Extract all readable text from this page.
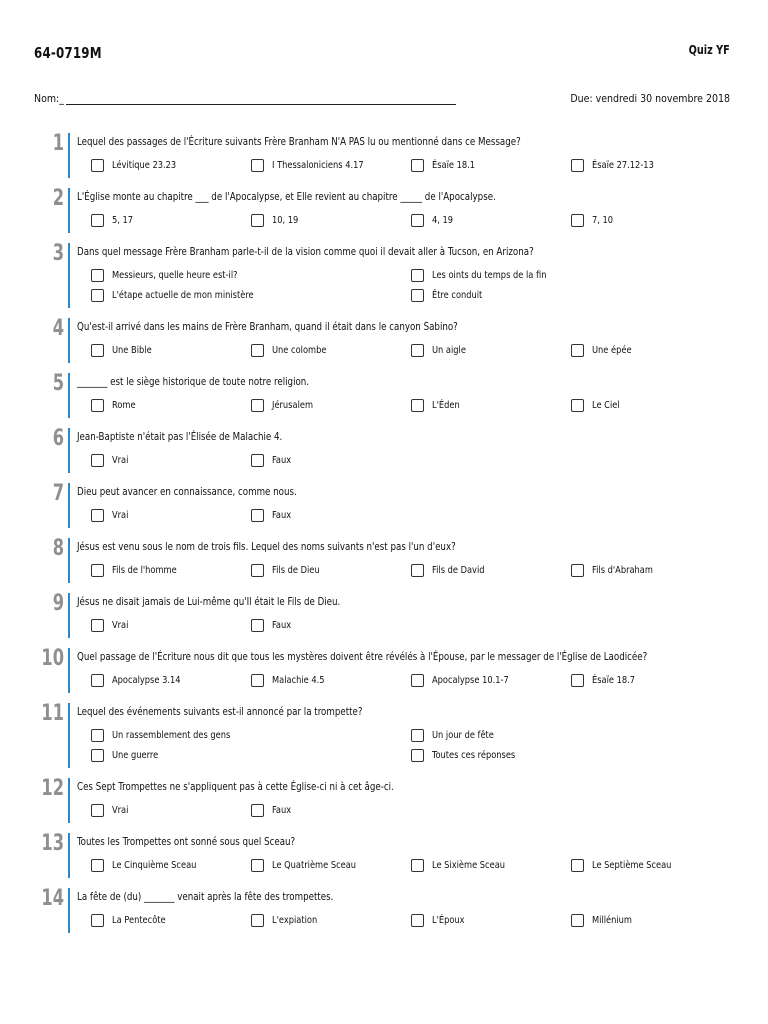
64-0719M	Quiz YF
Nom:_	Due: vendredi 30 novembre 2018
1 Lequel des passages de l'Écriture suivants Frère Branham N'A PAS lu ou mentionné dans ce Message?
Lévitique 23.23	I Thessaloniciens 4.17	Ésaïe 18.1	Ésaïe 27.12-13
2 L'Église monte au chapitre ___ de l'Apocalypse, et Elle revient au chapitre _____ de l'Apocalypse.
5, 17	10, 19	4, 19	7, 10
3 Dans quel message Frère Branham parle-t-il de la vision comme quoi il devait aller à Tucson, en Arizona?
Messieurs, quelle heure est-il?	Les oints du temps de la fin
L'étape actuelle de mon ministère	Être conduit
4 Qu'est-il arrivé dans les mains de Frère Branham, quand il était dans le canyon Sabino?
Une Bible	Une colombe	Un aigle	Une épée
5 _______ est le siège historique de toute notre religion.
Rome	Jérusalem	L'Éden	Le Ciel
6 Jean-Baptiste n'était pas l'Élisée de Malachie 4.
Vrai	Faux
7 Dieu peut avancer en connaissance, comme nous.
Vrai	Faux
8 Jésus est venu sous le nom de trois fils. Lequel des noms suivants n'est pas l'un d'eux?
Fils de l'homme	Fils de Dieu	Fils de David	Fils d'Abraham
9 Jésus ne disait jamais de Lui-même qu'Il était le Fils de Dieu.
Vrai	Faux
10 Quel passage de l'Écriture nous dit que tous les mystères doivent être révélés à l'Épouse, par le messager de l'Église de Laodicée?
Apocalypse 3.14	Malachie 4.5	Apocalypse 10.1-7	Ésaïe 18.7
11 Lequel des événements suivants est-il annoncé par la trompette?
Un rassemblement des gens	Un jour de fête
Une guerre	Toutes ces réponses
12 Ces Sept Trompettes ne s'appliquent pas à cette Église-ci ni à cet âge-ci.
Vrai	Faux
13 Toutes les Trompettes ont sonné sous quel Sceau?
Le Cinquième Sceau	Le Quatrième Sceau	Le Sixième Sceau	Le Septième Sceau
14 La fête de (du) _______ venait après la fête des trompettes.
La Pentecôte	L'expiation	L'Époux	Millénium
